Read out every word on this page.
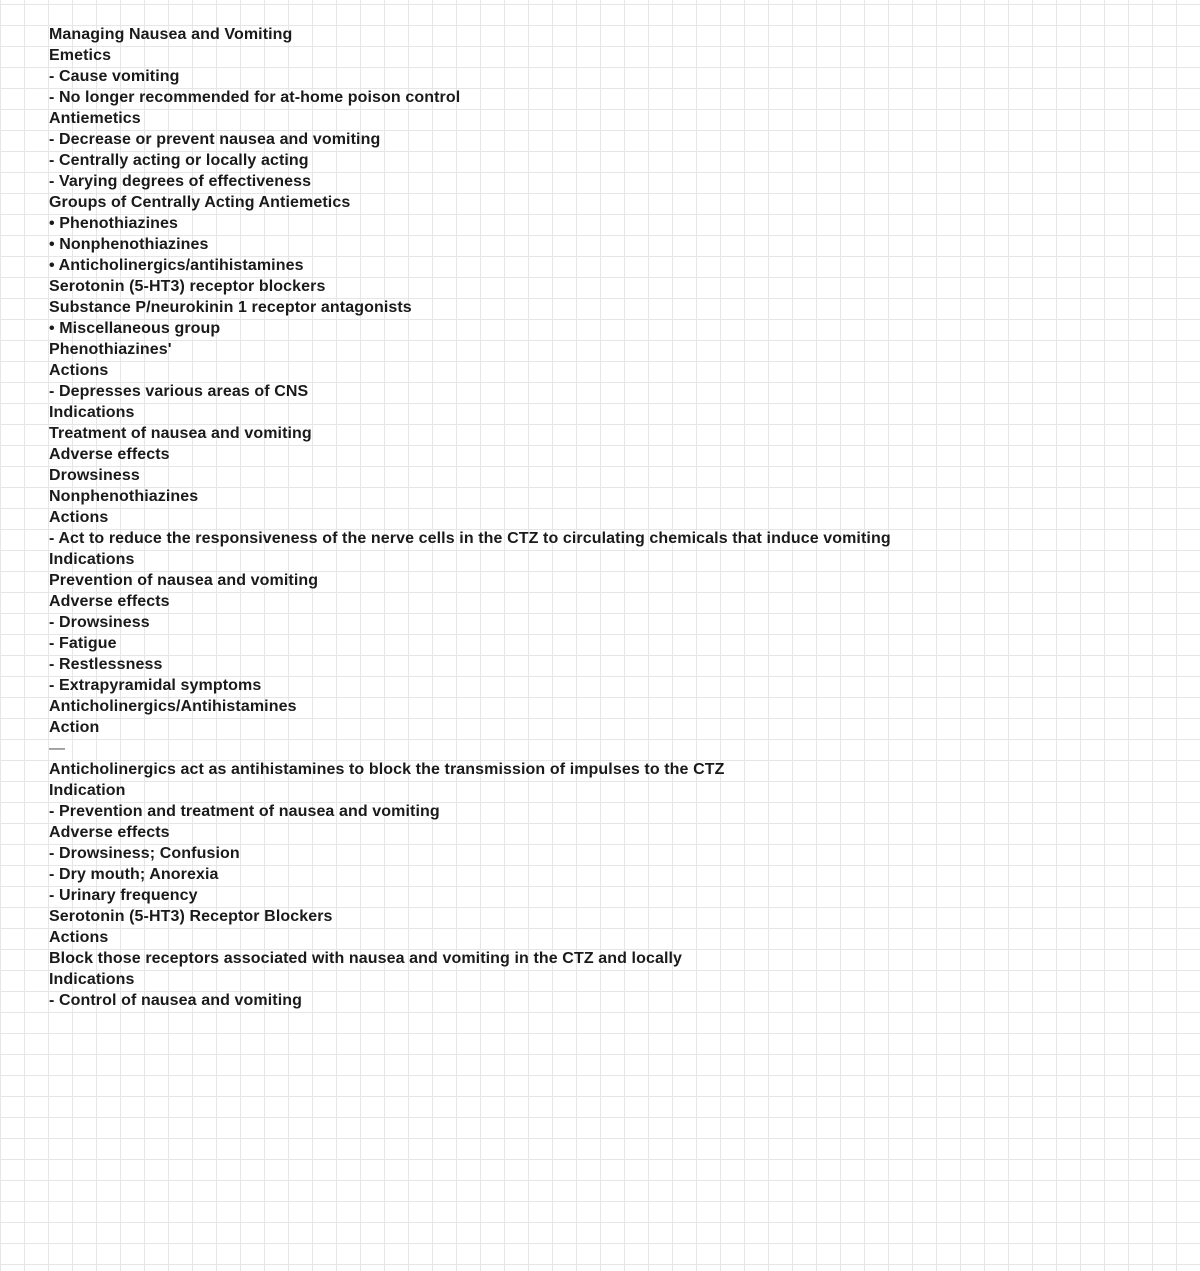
Managing Nausea and Vomiting
Emetics
- Cause vomiting
- No longer recommended for at-home poison control
Antiemetics
- Decrease or prevent nausea and vomiting
- Centrally acting or locally acting
- Varying degrees of effectiveness
Groups of Centrally Acting Antiemetics
• Phenothiazines
• Nonphenothiazines
• Anticholinergics/antihistamines
Serotonin (5-HT3) receptor blockers
Substance P/neurokinin 1 receptor antagonists
• Miscellaneous group
Phenothiazines'
Actions
- Depresses various areas of CNS
Indications
Treatment of nausea and vomiting
Adverse effects
Drowsiness
Nonphenothiazines
Actions
- Act to reduce the responsiveness of the nerve cells in the CTZ to circulating chemicals that induce vomiting
Indications
Prevention of nausea and vomiting
Adverse effects
- Drowsiness
- Fatigue
- Restlessness
- Extrapyramidal symptoms
Anticholinergics/Antihistamines
Action
—
Anticholinergics act as antihistamines to block the transmission of impulses to the CTZ
Indication
- Prevention and treatment of nausea and vomiting
Adverse effects
- Drowsiness; Confusion
- Dry mouth; Anorexia
- Urinary frequency
Serotonin (5-HT3) Receptor Blockers
Actions
Block those receptors associated with nausea and vomiting in the CTZ and locally
Indications
- Control of nausea and vomiting
